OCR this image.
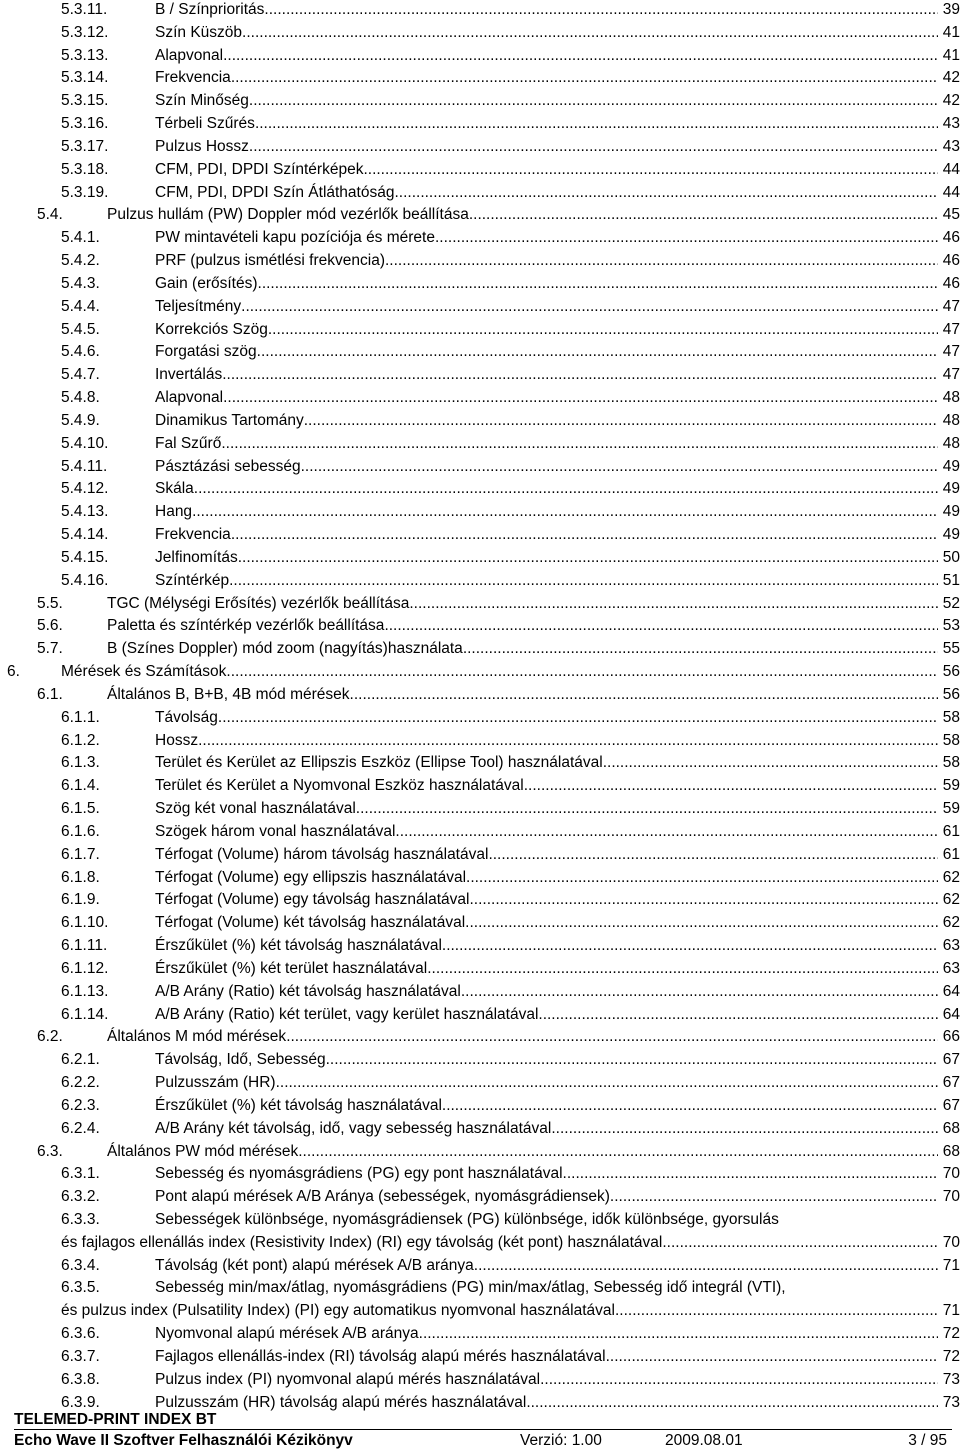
5.3.11.	B / Színprioritás .....	39
5.3.12.	Szín Küszöb .....	41
5.3.13.	Alapvonal .....	41
5.3.14.	Frekvencia .....	42
5.3.15.	Szín Minőség .....	42
5.3.16.	Térbeli Szűrés .....	43
5.3.17.	Pulzus Hossz .....	43
5.3.18.	CFM, PDI, DPDI Színtérképek .....	44
5.3.19.	CFM, PDI, DPDI Szín Átláthatóság .....	44
5.4.	Pulzus hullám (PW) Doppler mód vezérlők beállítása .....	45
5.4.1.	PW mintavételi kapu pozíciója és mérete .....	46
5.4.2.	PRF (pulzus ismétlési frekvencia) .....	46
5.4.3.	Gain (erősítés) .....	46
5.4.4.	Teljesítmény .....	47
5.4.5.	Korrekciós Szög .....	47
5.4.6.	Forgatási szög .....	47
5.4.7.	Invertálás .....	47
5.4.8.	Alapvonal .....	48
5.4.9.	Dinamikus Tartomány .....	48
5.4.10.	Fal Szűrő .....	48
5.4.11.	Pásztázási sebesség .....	49
5.4.12.	Skála .....	49
5.4.13.	Hang .....	49
5.4.14.	Frekvencia .....	49
5.4.15.	Jelfinomítás .....	50
5.4.16.	Színtérkép .....	51
5.5.	TGC (Mélységi Erősítés) vezérlők beállítása .....	52
5.6.	Paletta és színtérkép vezérlők beállítása .....	53
5.7.	B (Színes Doppler) mód zoom (nagyítás)használata .....	55
6.	Mérések és Számítások .....	56
6.1.	Általános B, B+B, 4B mód mérések .....	56
6.1.1.	Távolság .....	58
6.1.2.	Hossz .....	58
6.1.3.	Terület és Kerület az Ellipszis Eszköz (Ellipse Tool) használatával .....	58
6.1.4.	Terület és Kerület a Nyomvonal Eszköz használatával .....	59
6.1.5.	Szög két vonal használatával .....	59
6.1.6.	Szögek három vonal használatával .....	61
6.1.7.	Térfogat (Volume) három távolság használatával .....	61
6.1.8.	Térfogat (Volume) egy ellipszis használatával .....	62
6.1.9.	Térfogat (Volume) egy távolság használatával .....	62
6.1.10.	Térfogat (Volume) két távolság használatával .....	62
6.1.11.	Érszűkület (%) két távolság használatával .....	63
6.1.12.	Érszűkület (%) két terület használatával .....	63
6.1.13.	A/B Arány (Ratio) két távolság használatával .....	64
6.1.14.	A/B Arány (Ratio) két terület, vagy kerület használatával .....	64
6.2.	Általános M mód mérések .....	66
6.2.1.	Távolság, Idő, Sebesség .....	67
6.2.2.	Pulzusszám (HR) .....	67
6.2.3.	Érszűkület (%) két távolság használatával .....	67
6.2.4.	A/B Arány két távolság, idő, vagy sebesség használatával .....	68
6.3.	Általános PW mód mérések .....	68
6.3.1.	Sebesség és nyomásgrádiens (PG) egy pont használatával .....	70
6.3.2.	Pont alapú mérések A/B Aránya (sebességek, nyomásgrádiensek) .....	70
6.3.3.	Sebességek különbsége, nyomásgrádiensek (PG) különbsége, idők különbsége, gyorsulás
és fajlagos ellenállás index (Resistivity Index) (RI) egy távolság (két pont) használatával .....	70
6.3.4.	Távolság (két pont) alapú mérések A/B aránya .....	71
6.3.5.	Sebesség min/max/átlag, nyomásgrádiens (PG) min/max/átlag, Sebesség idő integrál (VTI),
és pulzus index (Pulsatility Index) (PI) egy automatikus nyomvonal használatával .....	71
6.3.6.	Nyomvonal alapú mérések A/B aránya .....	72
6.3.7.	Fajlagos ellenállás-index (RI) távolság alapú mérés használatával .....	72
6.3.8.	Pulzus index (PI) nyomvonal alapú mérés használatával .....	73
6.3.9.	Pulzusszám (HR) távolság alapú mérés használatával .....	73
TELEMED-PRINT INDEX BT
Echo Wave II Szoftver Felhasználói Kézikönyv	Verzió: 1.00	2009.08.01	3 / 95
